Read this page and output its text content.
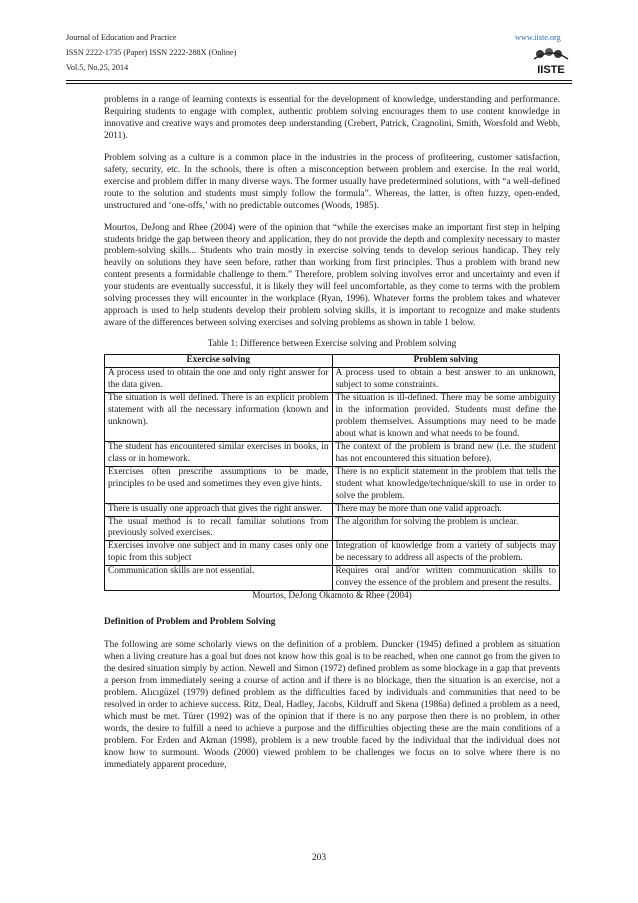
Journal of Education and Practice
ISSN 2222-1735 (Paper) ISSN 2222-288X (Online)
Vol.5, No.25, 2014
www.iiste.org
IISTE

problems in a range of learning contexts is essential for the development of knowledge, understanding and performance. Requiring students to engage with complex, authentic problem solving encourages them to use content knowledge in innovative and creative ways and promotes deep understanding (Crebert, Patrick, Cragnolini, Smith, Worsfold and Webb, 2011).

Problem solving as a culture is a common place in the industries in the process of profiteering, customer satisfaction, safety, security, etc. In the schools, there is often a misconception between problem and exercise. In the real world, exercise and problem differ in many diverse ways. The former usually have predetermined solutions, with “a well-defined route to the solution and students must simply follow the formula”. Whereas, the latter, is often fuzzy, open-ended, unstructured and ‘one-offs,’ with no predictable outcomes (Woods, 1985).

Mourtos, DeJong and Rhee (2004) were of the opinion that “while the exercises make an important first step in helping students bridge the gap between theory and application, they do not provide the depth and complexity necessary to master problem-solving skills... Students who train mostly in exercise solving tends to develop serious handicap. They rely heavily on solutions they have seen before, rather than working from first principles. Thus a problem with brand new content presents a formidable challenge to them.” Therefore, problem solving involves error and uncertainty and even if your students are eventually successful, it is likely they will feel uncomfortable, as they come to terms with the problem solving processes they will encounter in the workplace (Ryan, 1996). Whatever forms the problem takes and whatever approach is used to help students develop their problem solving skills, it is important to recognize and make students aware of the differences between solving exercises and solving problems as shown in table 1 below.

Table 1: Difference between Exercise solving and Problem solving
Exercise solving	Problem solving
A process used to obtain the one and only right answer for the data given.	A process used to obtain a best answer to an unknown, subject to some constraints.
The situation is well defined. There is an explicit problem statement with all the necessary information (known and unknown).	The situation is ill-defined. There may be some ambiguity in the information provided. Students must define the problem themselves. Assumptions may need to be made about what is known and what needs to be found.
The student has encountered similar exercises in books, in class or in homework.	The context of the problem is brand new (i.e. the student has not encountered this situation before).
Exercises often prescribe assumptions to be made, principles to be used and sometimes they even give hints.	There is no explicit statement in the problem that tells the student what knowledge/technique/skill to use in order to solve the problem.
There is usually one approach that gives the right answer.	There may be more than one valid approach.
The usual method is to recall familiar solutions from previously solved exercises.	The algorithm for solving the problem is unclear.
Exercises involve one subject and in many cases only one topic from this subject	Integration of knowledge from a variety of subjects may be necessary to address all aspects of the problem.
Communication skills are not essential.	Requires oral and/or written communication skills to convey the essence of the problem and present the results.
Mourtos, DeJong Okamoto & Rhee (2004)
Definition of Problem and Problem Solving

The following are some scholarly views on the definition of a problem. Duncker (1945) defined a problem as situation when a living creature has a goal but does not know how this goal is to be reached, when one cannot go from the given to the desired situation simply by action. Newell and Simon (1972) defined problem as some blockage in a gap that prevents a person from immediately seeing a course of action and if there is no blockage, then the situation is an exercise, not a problem. Alıcıgüzel (1979) defined problem as the difficulties faced by individuals and communities that need to be resolved in order to achieve success. Ritz, Deal, Hadley, Jacobs, Kildruff and Skena (1986a) defined a problem as a need, which must be met. Türer (1992) was of the opinion that if there is no any purpose then there is no problem, in other words, the desire to fulfill a need to achieve a purpose and the difficulties objecting these are the main conditions of a problem. For Erden and Akman (1998), problem is a new trouble faced by the individual that the individual does not know how to surmount. Woods (2000) viewed problem to be challenges we focus on to solve where there is no immediately apparent procedure,

203
